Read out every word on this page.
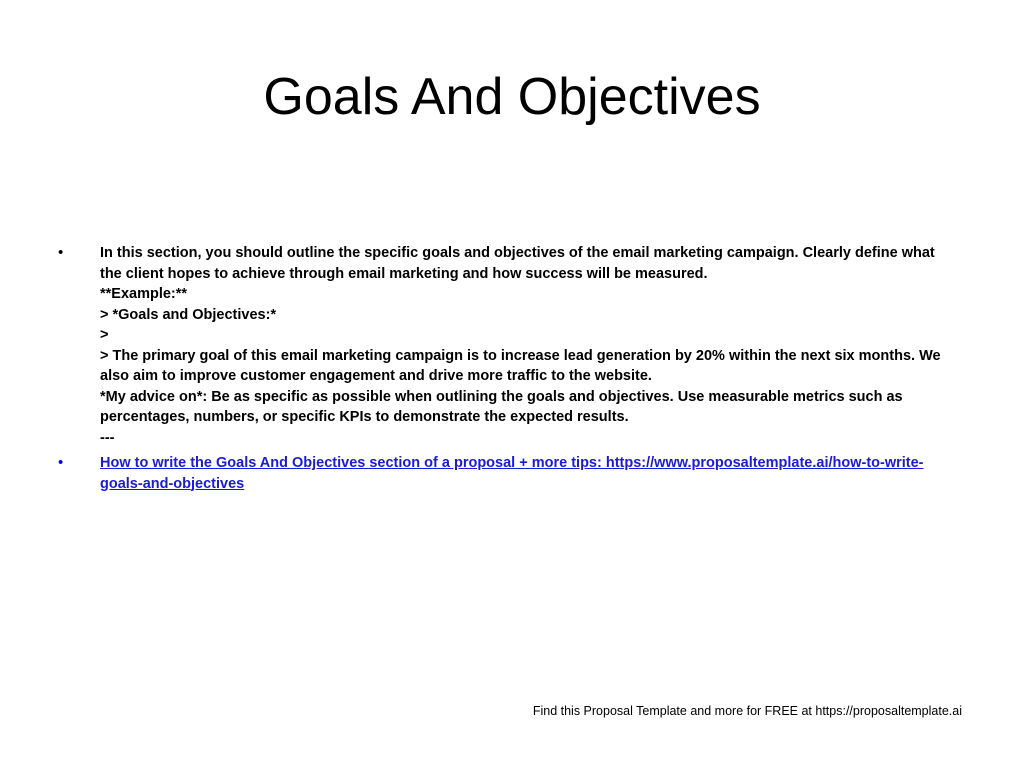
Goals And Objectives
•	In this section, you should outline the specific goals and objectives of the email marketing campaign. Clearly define what the client hopes to achieve through email marketing and how success will be measured.
**Example:**
> *Goals and Objectives:*
>
> The primary goal of this email marketing campaign is to increase lead generation by 20% within the next six months. We also aim to improve customer engagement and drive more traffic to the website.
*My advice on*: Be as specific as possible when outlining the goals and objectives. Use measurable metrics such as percentages, numbers, or specific KPIs to demonstrate the expected results.
---
•	How to write the Goals And Objectives section of a proposal + more tips: https://www.proposaltemplate.ai/how-to-write-goals-and-objectives
Find this Proposal Template and more for FREE at https://proposaltemplate.ai
